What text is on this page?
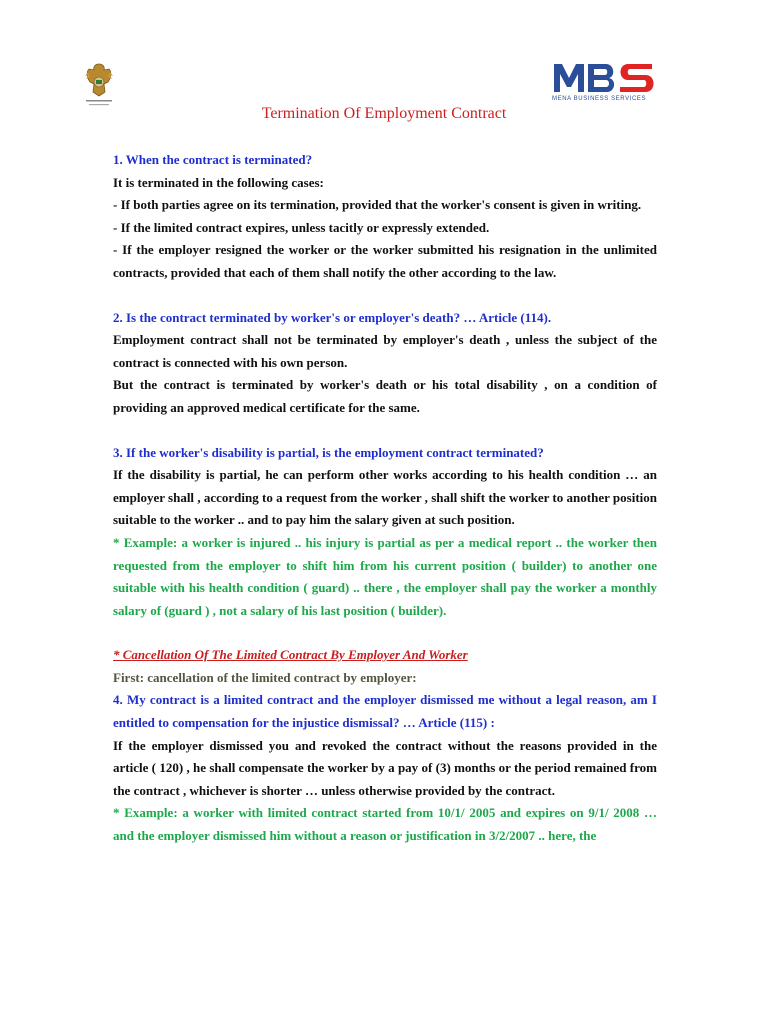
MENA BUSINESS SERVICES
Termination Of Employment Contract

1. When the contract is terminated?

It is terminated in the following cases:

- If both parties agree on its termination, provided that the worker's consent is given in writing.

- If the limited contract expires, unless tacitly or expressly extended.

- If the employer resigned the worker or the worker submitted his resignation in the unlimited contracts, provided that each of them shall notify the other according to the law.

2. Is the contract terminated by worker's or employer's death? … Article (114).

Employment contract shall not be terminated by employer's death , unless the subject of the contract is connected with his own person.

But the contract is terminated by worker's death or his total disability , on a condition of providing an approved medical certificate for the same.

3. If the worker's disability is partial, is the employment contract terminated?

If the disability is partial, he can perform other works according to his health condition … an employer shall , according to a request from the worker , shall shift the worker to another position suitable to the worker .. and to pay him the salary given at such position.

* Example: a worker is injured .. his injury is partial as per a medical report .. the worker then requested from the employer to shift him from his current position ( builder) to another one suitable with his health condition ( guard) .. there , the employer shall pay the worker a monthly salary of (guard ) , not a salary of his last position ( builder).

* Cancellation Of The Limited Contract By Employer And Worker

First: cancellation of the limited contract by employer:

4. My contract is a limited contract and the employer dismissed me without a legal reason, am I entitled to compensation for the injustice dismissal? … Article (115) :

If the employer dismissed you and revoked the contract without the reasons provided in the article ( 120) , he shall compensate the worker by a pay of (3) months or the period remained from the contract , whichever is shorter … unless otherwise provided by the contract.

* Example: a worker with limited contract started from 10/1/ 2005 and expires on 9/1/ 2008 … and the employer dismissed him without a reason or justification in 3/2/2007 .. here, the
